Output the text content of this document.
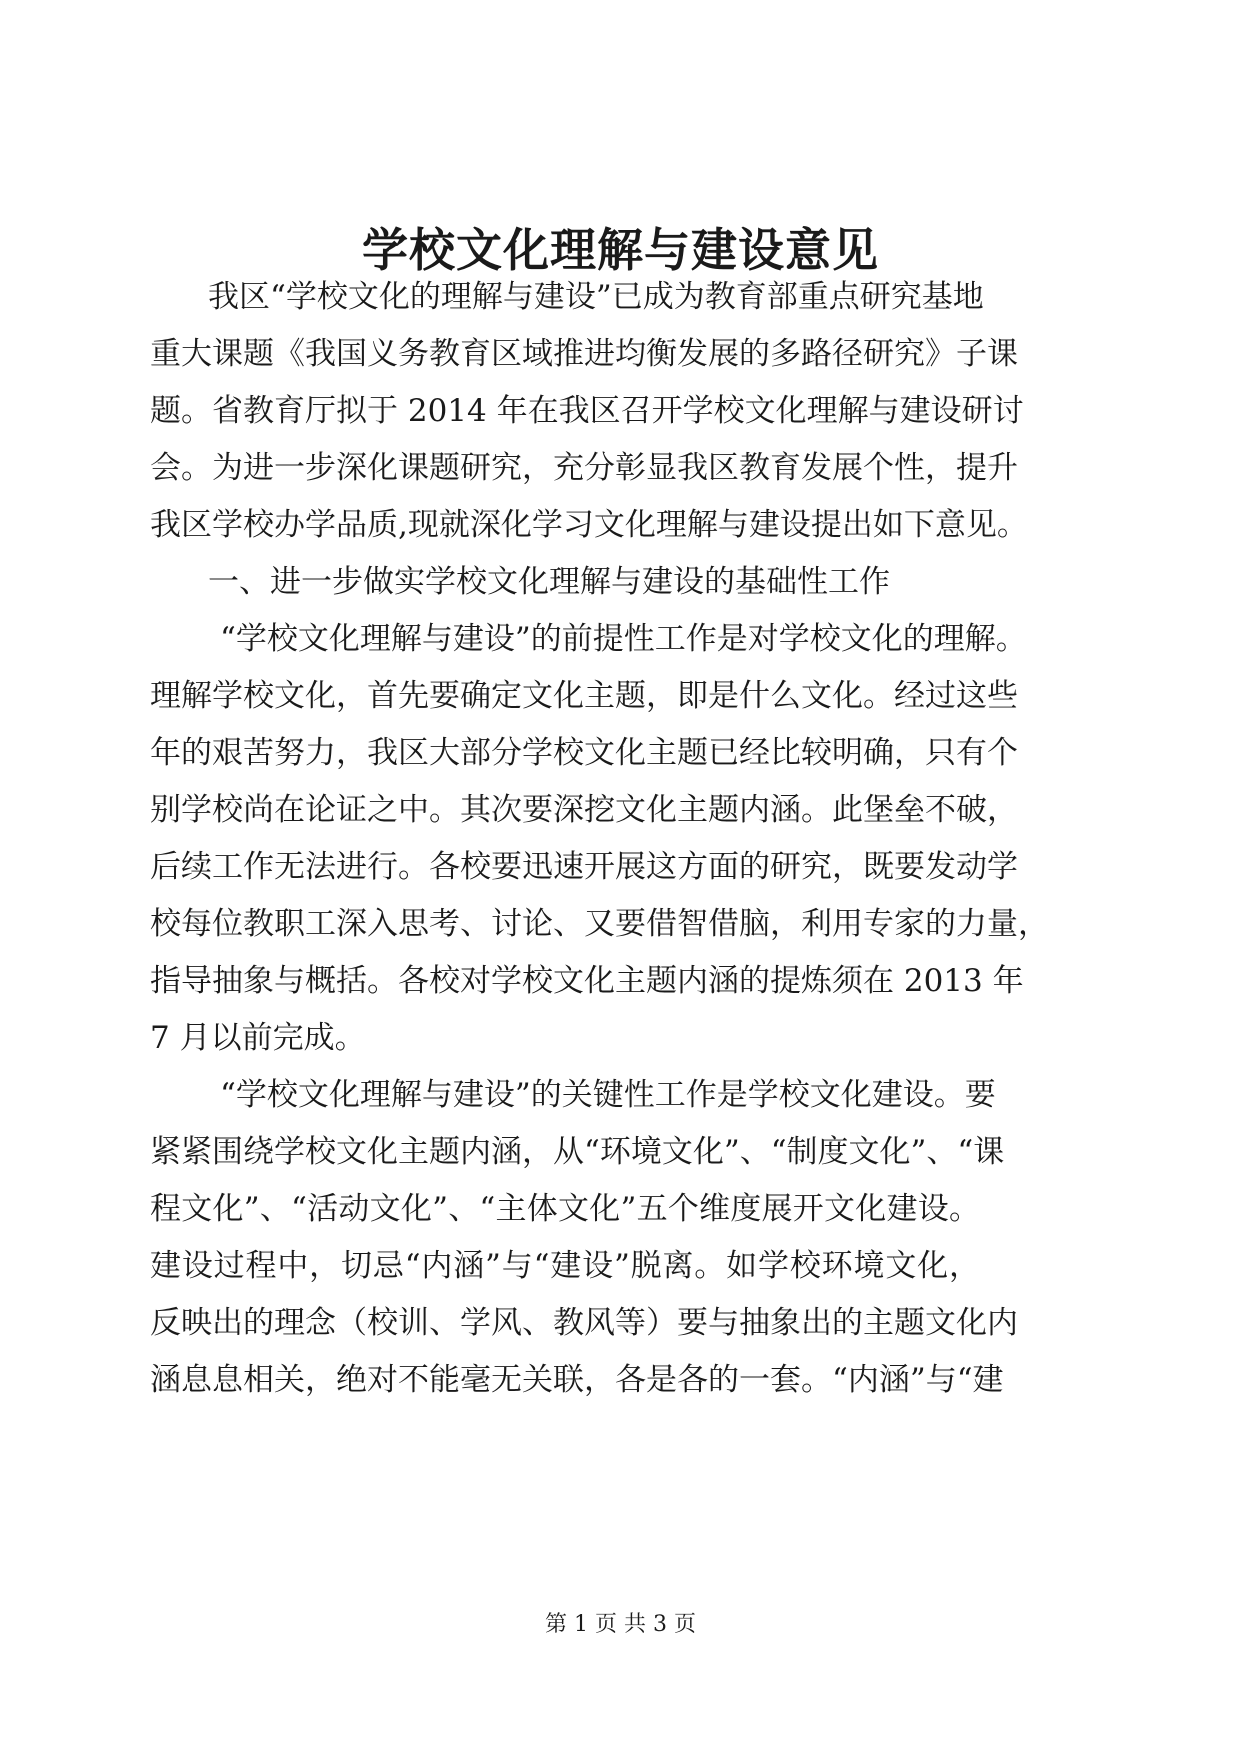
学校文化理解与建设意见

我区“学校文化的理解与建设”已成为教育部重点研究基地

重大课题《我国义务教育区域推进均衡发展的多路径研究》子课

题。省教育厅拟于 2014 年在我区召开学校文化理解与建设研讨

会。为进一步深化课题研究，充分彰显我区教育发展个性，提升

我区学校办学品质,现就深化学习文化理解与建设提出如下意见。

一、进一步做实学校文化理解与建设的基础性工作

“学校文化理解与建设”的前提性工作是对学校文化的理解。

理解学校文化，首先要确定文化主题，即是什么文化。经过这些

年的艰苦努力，我区大部分学校文化主题已经比较明确，只有个

别学校尚在论证之中。其次要深挖文化主题内涵。此堡垒不破，

后续工作无法进行。各校要迅速开展这方面的研究，既要发动学

校每位教职工深入思考、讨论、又要借智借脑，利用专家的力量，

指导抽象与概括。各校对学校文化主题内涵的提炼须在 2013 年

7 月以前完成。

“学校文化理解与建设”的关键性工作是学校文化建设。要

紧紧围绕学校文化主题内涵，从“环境文化”、“制度文化”、“课

程文化”、“活动文化”、“主体文化”五个维度展开文化建设。

建设过程中，切忌“内涵”与“建设”脱离。如学校环境文化，

反映出的理念（校训、学风、教风等）要与抽象出的主题文化内

涵息息相关，绝对不能毫无关联，各是各的一套。“内涵”与“建

第 1 页 共 3 页
